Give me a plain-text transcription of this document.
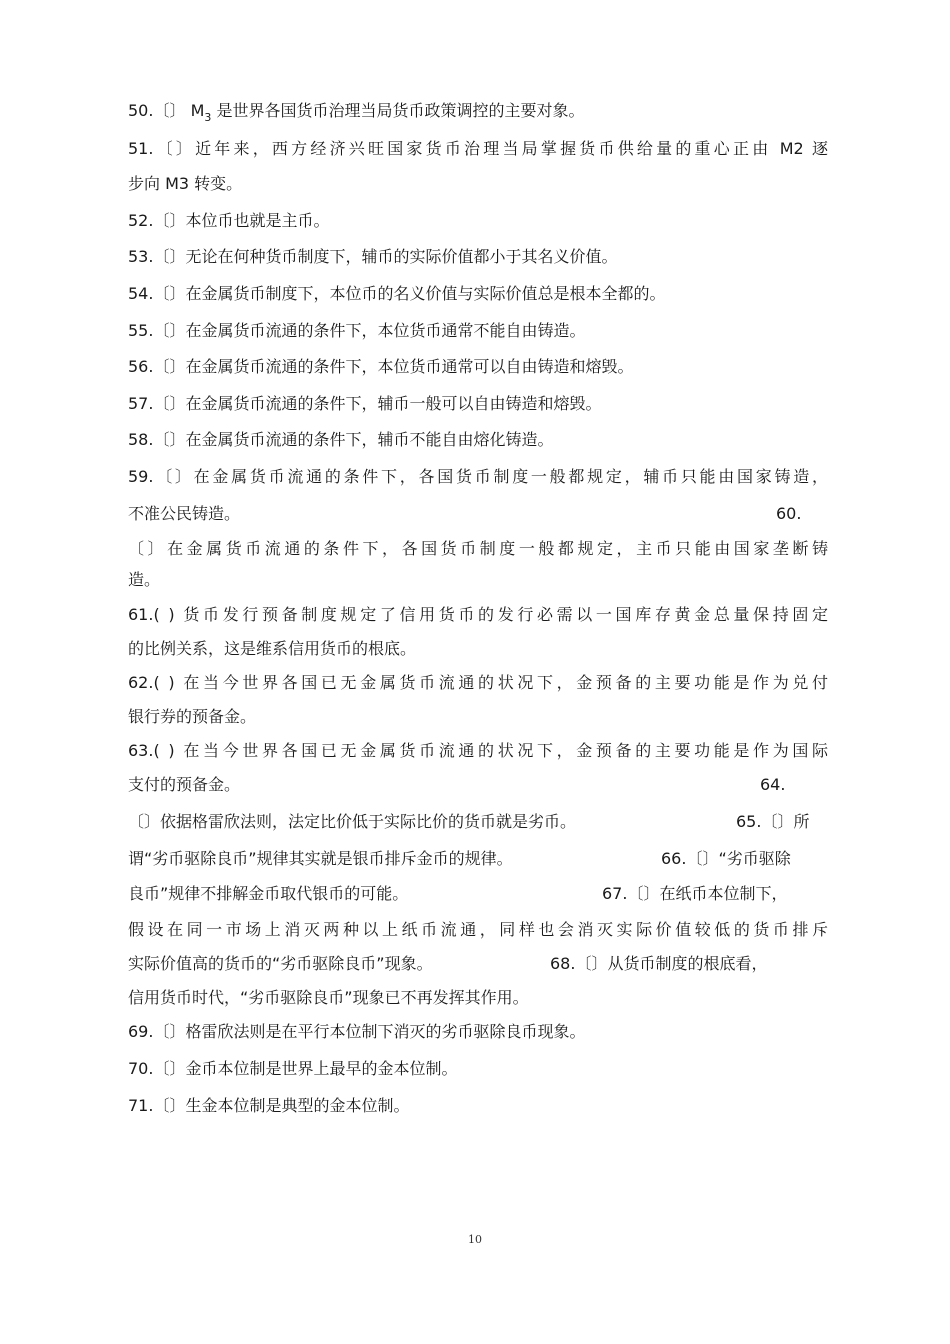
50.〔〕 $M_3$ 是世界各国货币治理当局货币政策调控的主要对象。
51.〔〕近年来，西方经济兴旺国家货币治理当局掌握货币供给量的重心正由 M2 逐
步向 M3 转变。
52.〔〕本位币也就是主币。
53.〔〕无论在何种货币制度下，辅币的实际价值都小于其名义价值。
54.〔〕在金属货币制度下，本位币的名义价值与实际价值总是根本全都的。
55.〔〕在金属货币流通的条件下，本位货币通常不能自由铸造。
56.〔〕在金属货币流通的条件下，本位货币通常可以自由铸造和熔毁。
57.〔〕在金属货币流通的条件下，辅币一般可以自由铸造和熔毁。
58.〔〕在金属货币流通的条件下，辅币不能自由熔化铸造。
59.〔〕在金属货币流通的条件下，各国货币制度一般都规定，辅币只能由国家铸造，
不准公民铸造。	60.
〔〕在金属货币流通的条件下，各国货币制度一般都规定，主币只能由国家垄断铸
造。
61.( ) 货币发行预备制度规定了信用货币的发行必需以一国库存黄金总量保持固定
的比例关系，这是维系信用货币的根底。
62.( ) 在当今世界各国已无金属货币流通的状况下，金预备的主要功能是作为兑付
银行券的预备金。
63.( ) 在当今世界各国已无金属货币流通的状况下，金预备的主要功能是作为国际
支付的预备金。	64.
〔〕依据格雷欣法则，法定比价低于实际比价的货币就是劣币。	65.〔〕所
谓“劣币驱除良币”规律其实就是银币排斥金币的规律。	66.〔〕“劣币驱除
良币”规律不排解金币取代银币的可能。	67.〔〕在纸币本位制下，
假设在同一市场上消灭两种以上纸币流通，同样也会消灭实际价值较低的货币排斥
实际价值高的货币的“劣币驱除良币”现象。	68.〔〕从货币制度的根底看，
信用货币时代，“劣币驱除良币”现象已不再发挥其作用。
69.〔〕格雷欣法则是在平行本位制下消灭的劣币驱除良币现象。
70.〔〕金币本位制是世界上最早的金本位制。
71.〔〕生金本位制是典型的金本位制。
10
